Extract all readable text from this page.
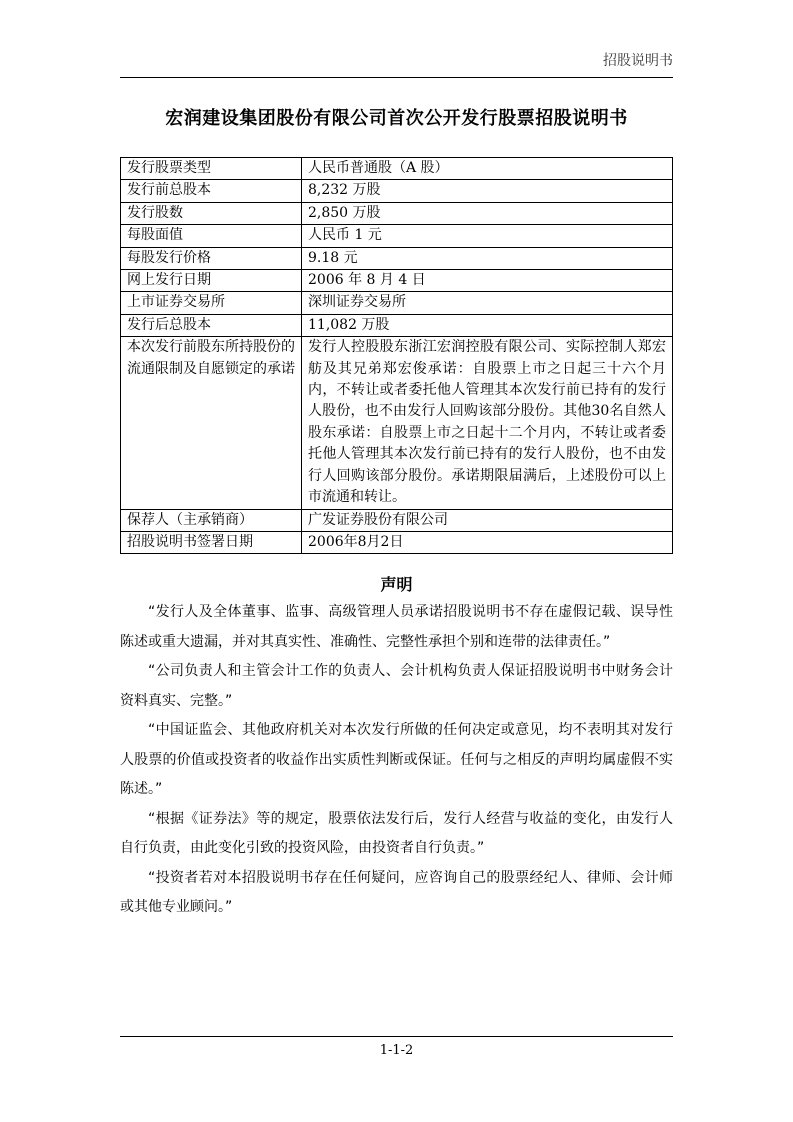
招股说明书
宏润建设集团股份有限公司首次公开发行股票招股说明书
发行股票类型	人民币普通股（A 股）
发行前总股本	8,232 万股
发行股数	2,850 万股
每股面值	人民币 1 元
每股发行价格	9.18 元
网上发行日期	2006 年 8 月 4 日
上市证券交易所	深圳证券交易所
发行后总股本	11,082 万股
本次发行前股东所持股份的流通限制及自愿锁定的承诺	发行人控股股东浙江宏润控股有限公司、实际控制人郑宏舫及其兄弟郑宏俊承诺：自股票上市之日起三十六个月内，不转让或者委托他人管理其本次发行前已持有的发行人股份，也不由发行人回购该部分股份。其他30名自然人股东承诺：自股票上市之日起十二个月内，不转让或者委托他人管理其本次发行前已持有的发行人股份，也不由发行人回购该部分股份。承诺期限届满后，上述股份可以上市流通和转让。
保荐人（主承销商）	广发证券股份有限公司
招股说明书签署日期	2006年8月2日
声明

“发行人及全体董事、监事、高级管理人员承诺招股说明书不存在虚假记载、误导性陈述或重大遗漏，并对其真实性、准确性、完整性承担个别和连带的法律责任。”

“公司负责人和主管会计工作的负责人、会计机构负责人保证招股说明书中财务会计资料真实、完整。”

“中国证监会、其他政府机关对本次发行所做的任何决定或意见，均不表明其对发行人股票的价值或投资者的收益作出实质性判断或保证。任何与之相反的声明均属虚假不实陈述。”

“根据《证券法》等的规定，股票依法发行后，发行人经营与收益的变化，由发行人自行负责，由此变化引致的投资风险，由投资者自行负责。”

“投资者若对本招股说明书存在任何疑问，应咨询自己的股票经纪人、律师、会计师或其他专业顾问。”

1-1-2
